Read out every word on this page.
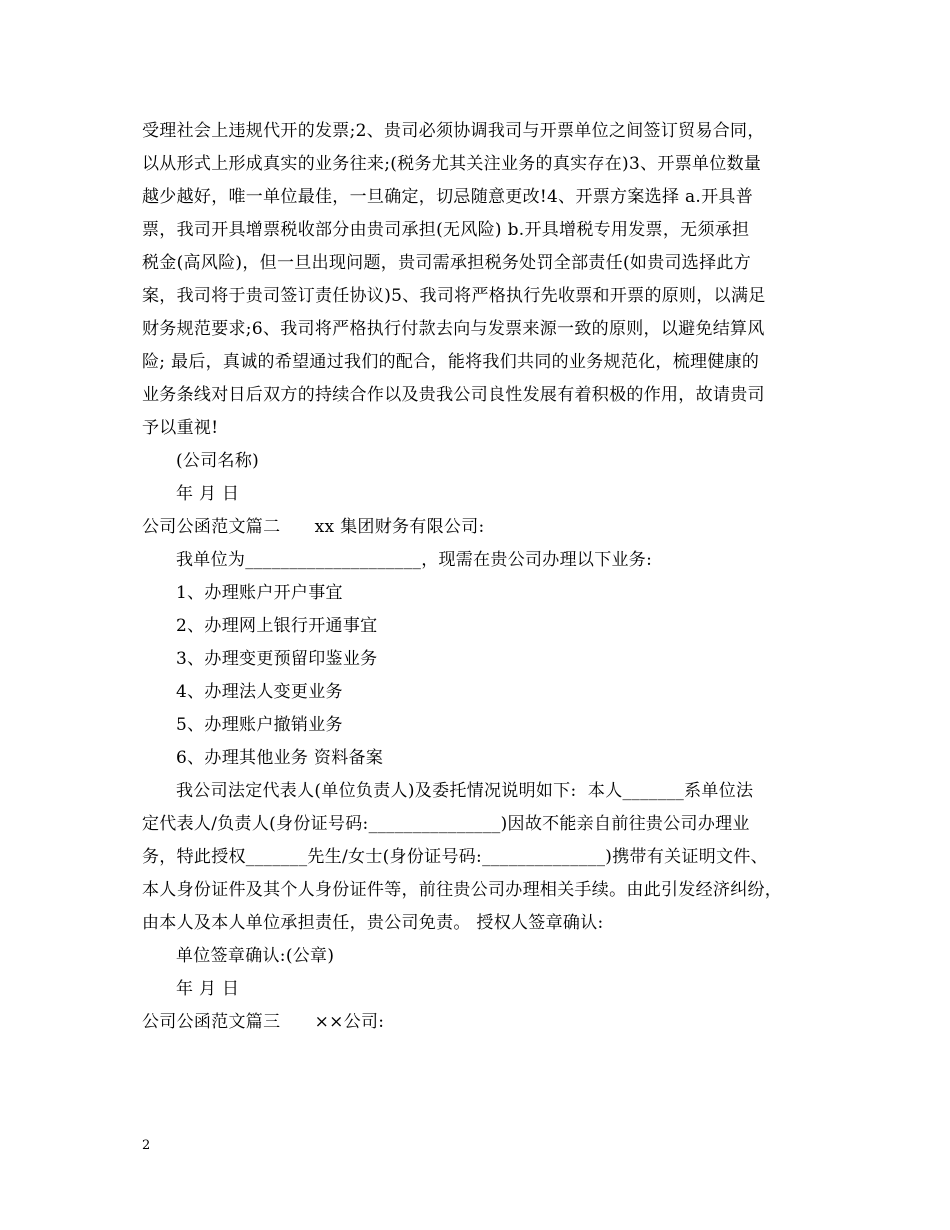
受理社会上违规代开的发票;2、贵司必须协调我司与开票单位之间签订贸易合同，
以从形式上形成真实的业务往来;(税务尤其关注业务的真实存在)3、开票单位数量
越少越好，唯一单位最佳，一旦确定，切忌随意更改!4、开票方案选择 a.开具普
票，我司开具增票税收部分由贵司承担(无风险) b.开具增税专用发票，无须承担
税金(高风险)，但一旦出现问题，贵司需承担税务处罚全部责任(如贵司选择此方
案，我司将于贵司签订责任协议)5、我司将严格执行先收票和开票的原则，以满足
财务规范要求;6、我司将严格执行付款去向与发票来源一致的原则，以避免结算风
险; 最后，真诚的希望通过我们的配合，能将我们共同的业务规范化，梳理健康的
业务条线对日后双方的持续合作以及贵我公司良性发展有着积极的作用，故请贵司
予以重视!
(公司名称)
年 月 日
公司公函范文篇二      xx 集团财务有限公司:
我单位为____________________，现需在贵公司办理以下业务:
1、办理账户开户事宜
2、办理网上银行开通事宜
3、办理变更预留印鉴业务
4、办理法人变更业务
5、办理账户撤销业务
6、办理其他业务 资料备案
我公司法定代表人(单位负责人)及委托情况说明如下:  本人_______系单位法
定代表人/负责人(身份证号码:_______________)因故不能亲自前往贵公司办理业
务，特此授权_______先生/女士(身份证号码:______________)携带有关证明文件、
本人身份证件及其个人身份证件等，前往贵公司办理相关手续。由此引发经济纠纷，
由本人及本人单位承担责任，贵公司免责。 授权人签章确认:
单位签章确认:(公章)
年 月 日
公司公函范文篇三      ××公司:
2
